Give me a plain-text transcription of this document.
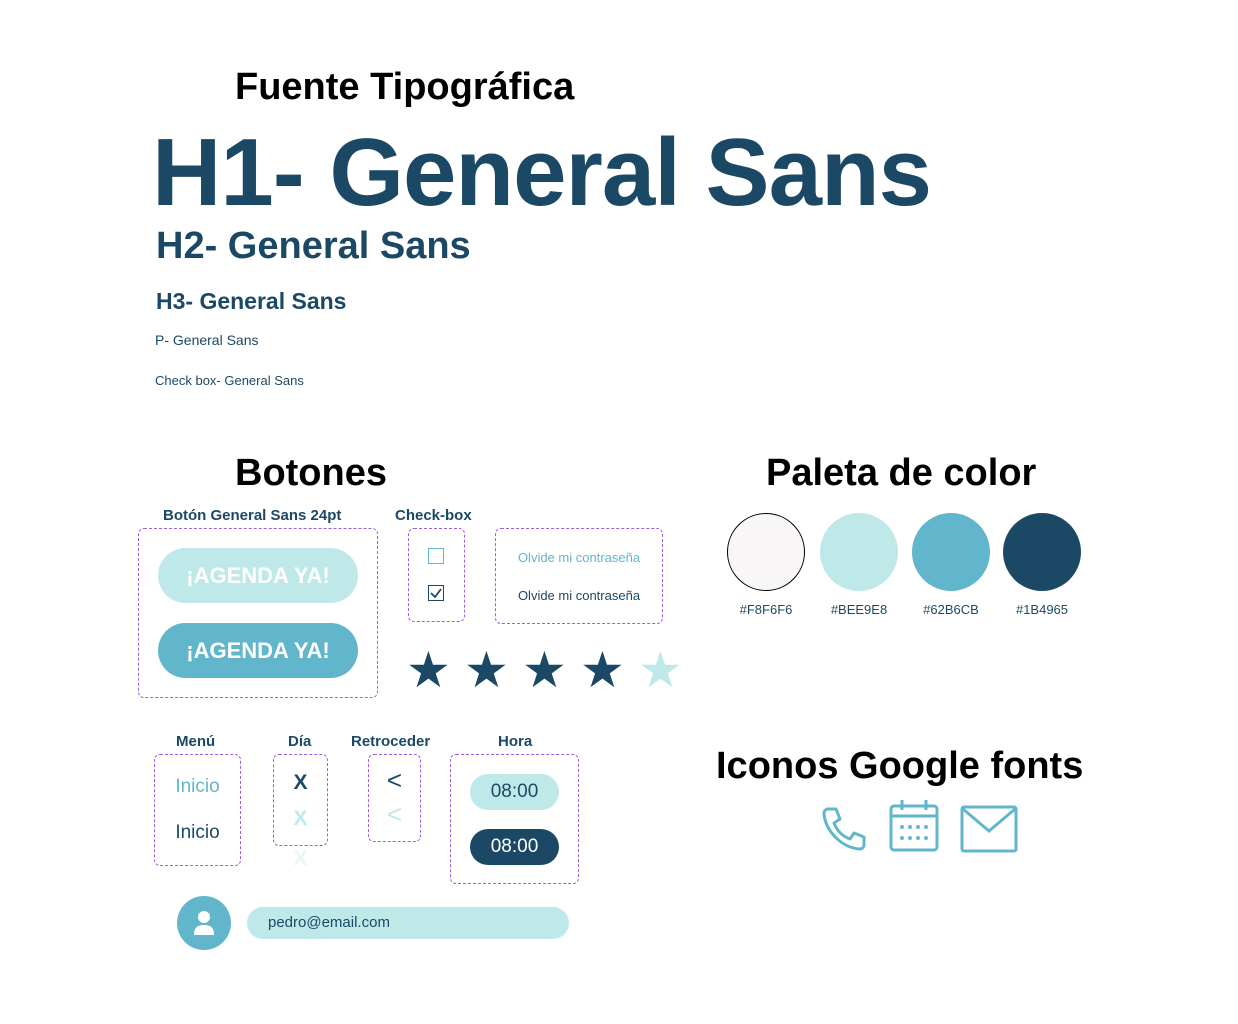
Fuente Tipográfica
H1- General Sans
H2- General Sans
H3- General Sans
P- General Sans
Check box- General Sans
Botones
Botón General Sans 24pt
¡AGENDA YA!
¡AGENDA YA!
Check-box
Olvide mi contraseña
Olvide mi contraseña
★ ★ ★ ★ ★
Menú
Inicio
Inicio
Día
X
X
X
Retroceder
<
<
Hora
08:00
08:00
pedro@email.com
Paleta de color
#F8F6F6	#BEE9E8	#62B6CB	#1B4965
Iconos Google fonts
